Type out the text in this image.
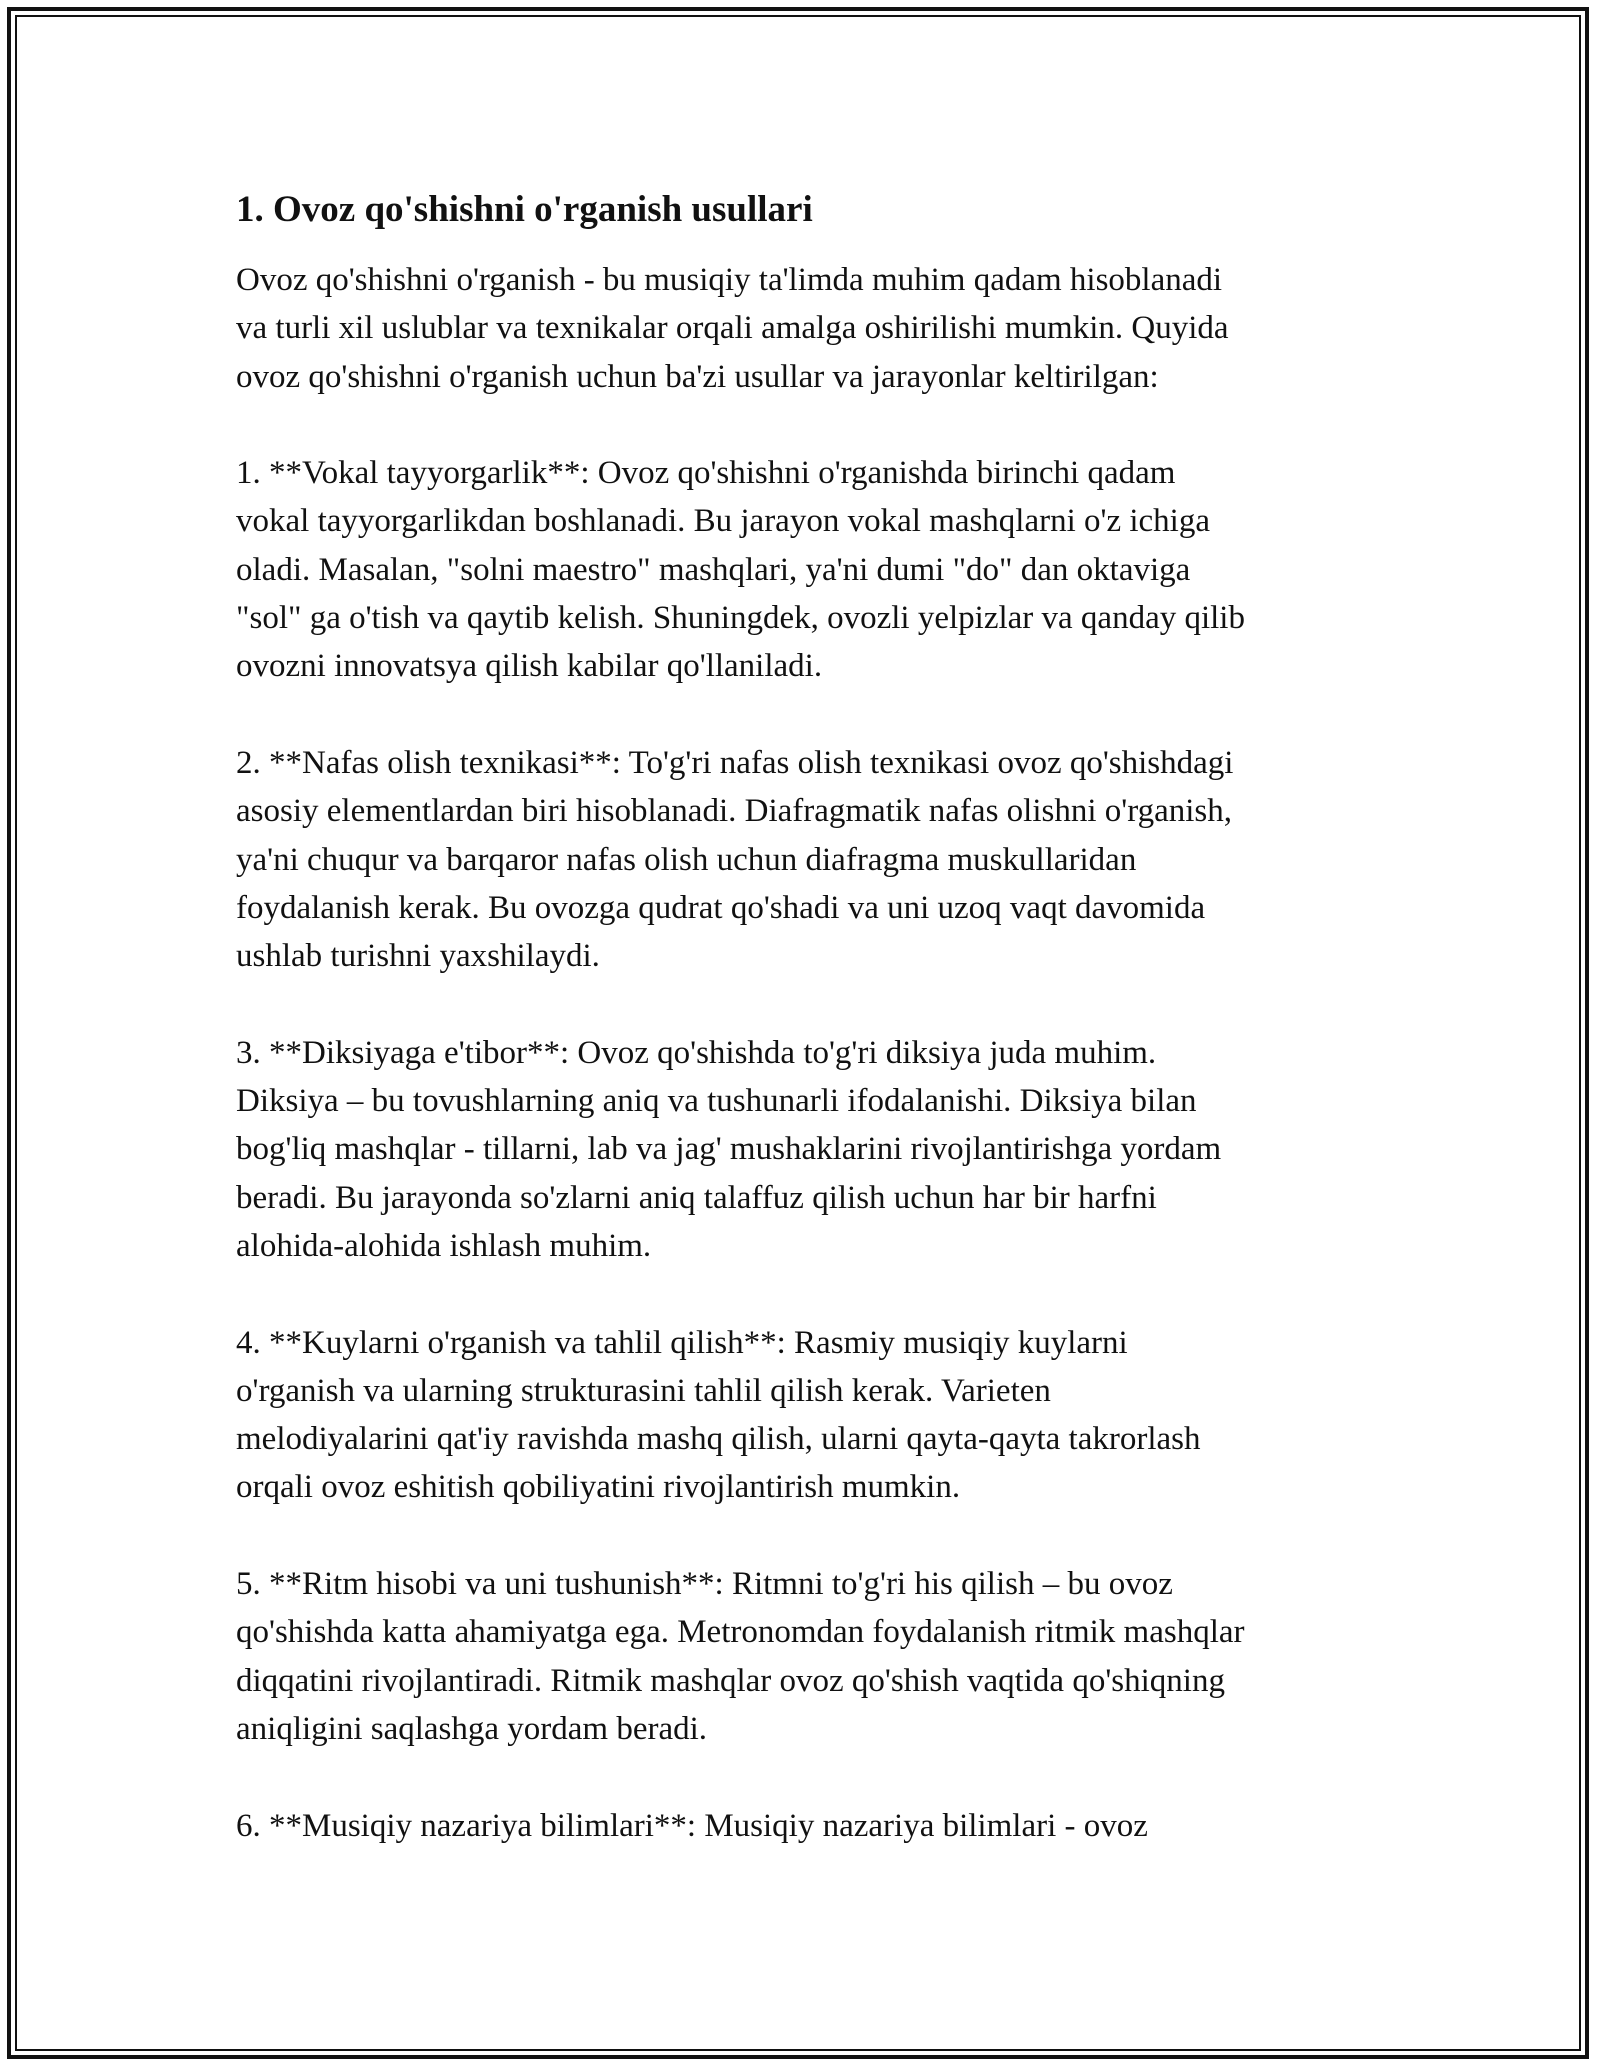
1. Ovoz qo'shishni o'rganish usullari
Ovoz qo'shishni o'rganish - bu musiqiy ta'limda muhim qadam hisoblanadi
va turli xil uslublar va texnikalar orqali amalga oshirilishi mumkin. Quyida
ovoz qo'shishni o'rganish uchun ba'zi usullar va jarayonlar keltirilgan:
1. **Vokal tayyorgarlik**: Ovoz qo'shishni o'rganishda birinchi qadam
vokal tayyorgarlikdan boshlanadi. Bu jarayon vokal mashqlarni o'z ichiga
oladi. Masalan, "solni maestro" mashqlari, ya'ni dumi "do" dan oktaviga
"sol" ga o'tish va qaytib kelish. Shuningdek, ovozli yelpizlar va qanday qilib
ovozni innovatsya qilish kabilar qo'llaniladi.
2. **Nafas olish texnikasi**: To'g'ri nafas olish texnikasi ovoz qo'shishdagi
asosiy elementlardan biri hisoblanadi. Diafragmatik nafas olishni o'rganish,
ya'ni chuqur va barqaror nafas olish uchun diafragma muskullaridan
foydalanish kerak. Bu ovozga qudrat qo'shadi va uni uzoq vaqt davomida
ushlab turishni yaxshilaydi.
3. **Diksiyaga e'tibor**: Ovoz qo'shishda to'g'ri diksiya juda muhim.
Diksiya – bu tovushlarning aniq va tushunarli ifodalanishi. Diksiya bilan
bog'liq mashqlar - tillarni, lab va jag' mushaklarini rivojlantirishga yordam
beradi. Bu jarayonda so'zlarni aniq talaffuz qilish uchun har bir harfni
alohida-alohida ishlash muhim.
4. **Kuylarni o'rganish va tahlil qilish**: Rasmiy musiqiy kuylarni
o'rganish va ularning strukturasini tahlil qilish kerak. Varieten
melodiyalarini qat'iy ravishda mashq qilish, ularni qayta-qayta takrorlash
orqali ovoz eshitish qobiliyatini rivojlantirish mumkin.
5. **Ritm hisobi va uni tushunish**: Ritmni to'g'ri his qilish – bu ovoz
qo'shishda katta ahamiyatga ega. Metronomdan foydalanish ritmik mashqlar
diqqatini rivojlantiradi. Ritmik mashqlar ovoz qo'shish vaqtida qo'shiqning
aniqligini saqlashga yordam beradi.
6. **Musiqiy nazariya bilimlari**: Musiqiy nazariya bilimlari - ovoz
